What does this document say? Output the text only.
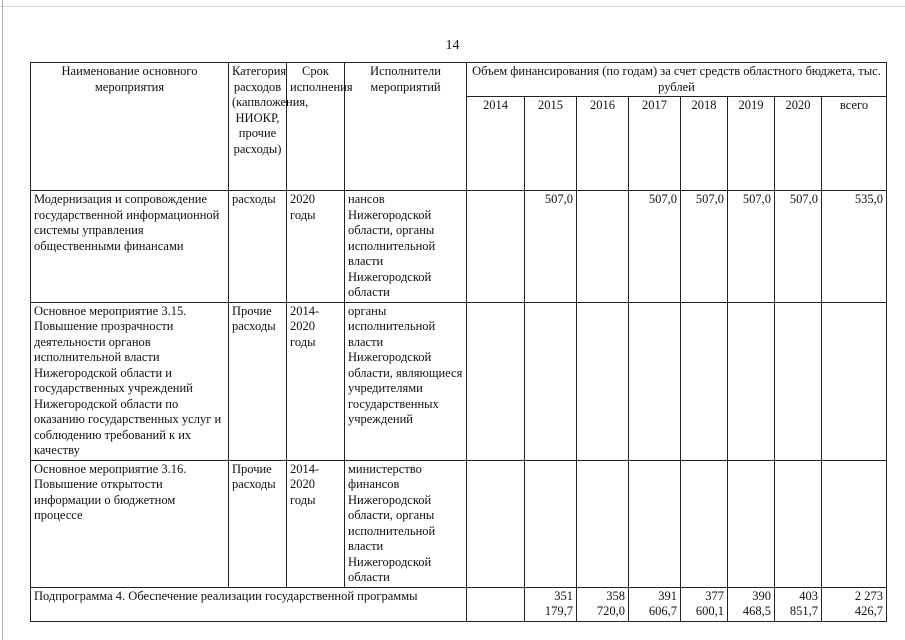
14
Наименование основного мероприятия	Категория расходов (капвложения, НИОКР, прочие расходы)	Срок исполнения	Исполнители мероприятий	Объем финансирования (по годам) за счет средств областного бюджета, тыс. рублей							
				2014	2015	2016	2017	2018	2019	2020	всего
Модернизация и сопровождение государственной информационной системы управления общественными финансами	расходы	2020 годы	нансов Нижегородской области, органы исполнительной власти Нижегородской области		507,0		507,0	507,0	507,0	507,0	535,0
Основное мероприятие 3.15. Повышение прозрачности деятельности органов исполнительной власти Нижегородской области и государственных учреждений Нижегородской области по оказанию государственных услуг и соблюдению требований к их качеству	Прочие расходы	2014-2020 годы	органы исполнительной власти Нижегородской области, являющиеся учредителями государственных учреждений								
Основное мероприятие 3.16. Повышение открытости информации о бюджетном процессе	Прочие расходы	2014-2020 годы	министерство финансов Нижегородской области, органы исполнительной власти Нижегородской области								
Подпрограмма 4. Обеспечение реализации государственной программы					351 179,7	358 720,0	391 606,7	377 600,1	390 468,5	403 851,7	2 273 426,7
